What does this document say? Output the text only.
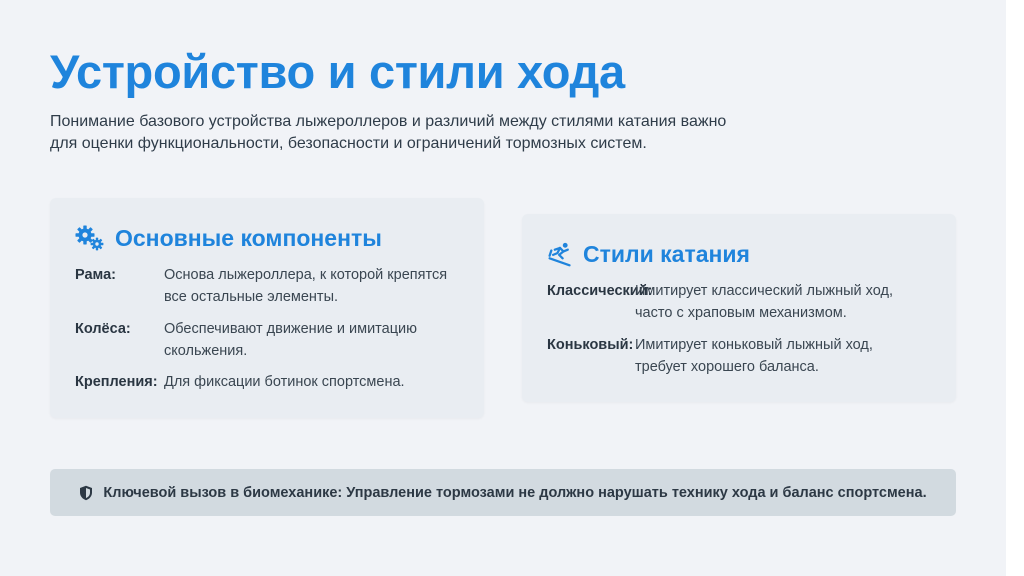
Устройство и стили хода

Понимание базового устройства лыжероллеров и различий между стилями катания важно для оценки функциональности, безопасности и ограничений тормозных систем.

Основные компоненты
Рама:	Основа лыжероллера, к которой крепятся все остальные элементы.
Колёса: Обеспечивают движение и имитацию скольжения.
Крепления: Для фиксации ботинок спортсмена.
Стили катания
Классический:
Имитирует классический лыжный ход, часто с храповым механизмом.
Коньковый: Имитирует коньковый лыжный ход, требует хорошего баланса.
Ключевой вызов в биомеханике: Управление тормозами не должно нарушать технику хода и баланс спортсмена.
